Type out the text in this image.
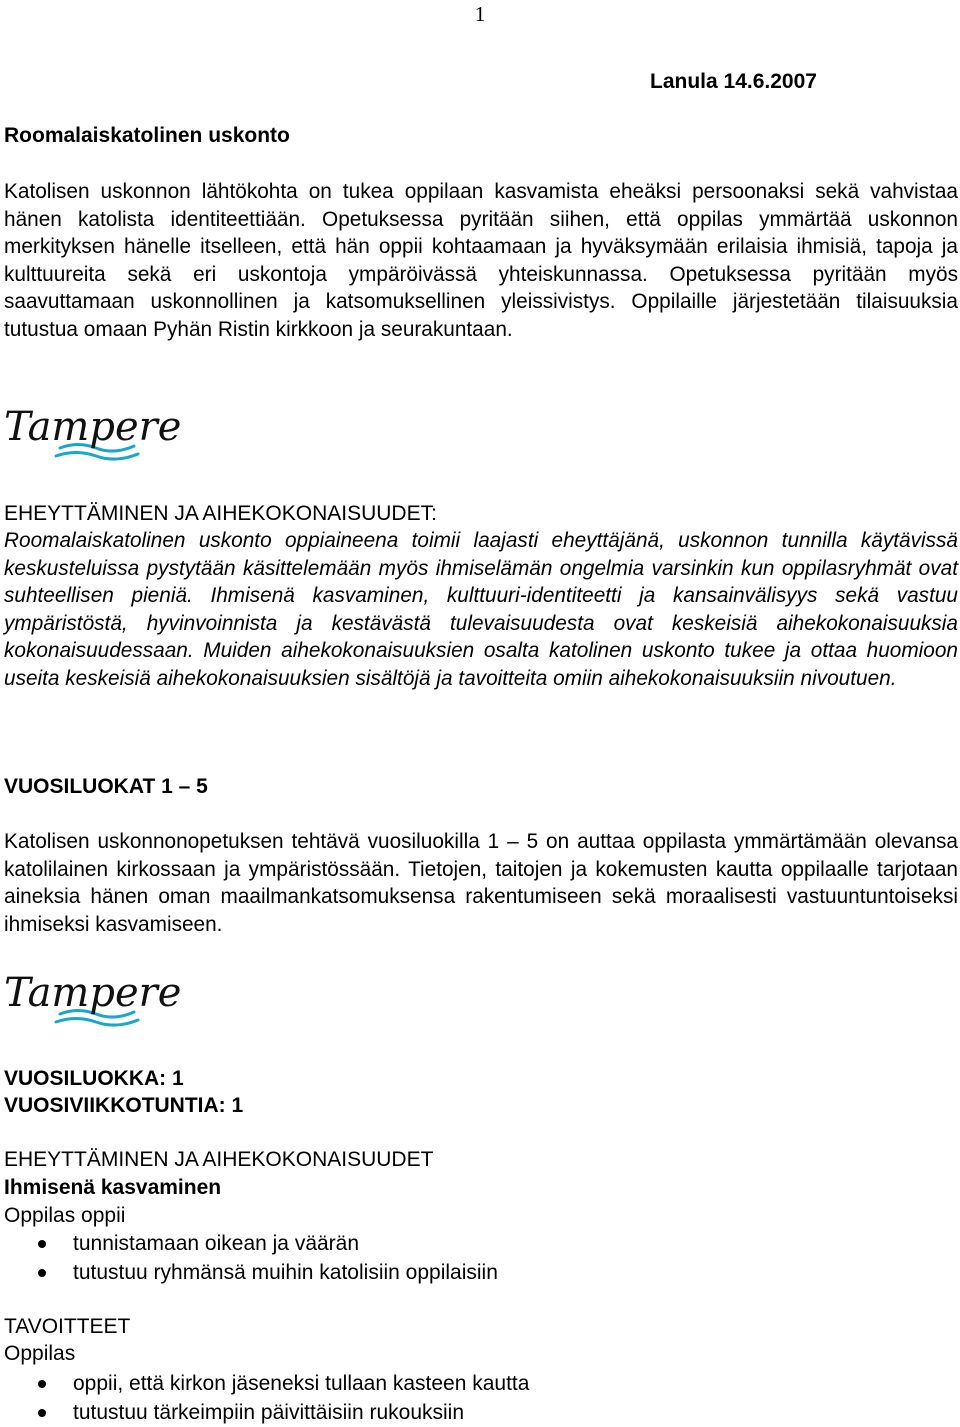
1
Lanula 14.6.2007
Roomalaiskatolinen uskonto
Katolisen uskonnon lähtökohta on tukea oppilaan kasvamista eheäksi persoonaksi sekä vahvistaa hänen katolista identiteettiään. Opetuksessa pyritään siihen, että oppilas ymmärtää uskonnon merkityksen hänelle itselleen, että hän oppii kohtaamaan ja hyväksymään erilaisia ihmisiä, tapoja ja kulttuureita sekä eri uskontoja ympäröivässä yhteiskunnassa. Opetuksessa pyritään myös saavuttamaan uskonnollinen ja katsomuksellinen yleissivistys. Oppilaille järjestetään tilaisuuksia tutustua omaan Pyhän Ristin kirkkoon ja seurakuntaan.
Tampere
EHEYTTÄMINEN JA AIHEKOKONAISUUDET:
Roomalaiskatolinen uskonto oppiaineena toimii laajasti eheyttäjänä, uskonnon tunnilla käytävissä keskusteluissa pystytään käsittelemään myös ihmiselämän ongelmia varsinkin kun oppilasryhmät ovat suhteellisen pieniä. Ihmisenä kasvaminen, kulttuuri-identiteetti ja kansainvälisyys sekä vastuu ympäristöstä, hyvinvoinnista ja kestävästä tulevaisuudesta ovat keskeisiä aihekokonaisuuksia kokonaisuudessaan. Muiden aihekokonaisuuksien osalta katolinen uskonto tukee ja ottaa huomioon useita keskeisiä aihekokonaisuuksien sisältöjä ja tavoitteita omiin aihekokonaisuuksiin nivoutuen.
VUOSILUOKAT 1 – 5
Katolisen uskonnonopetuksen tehtävä vuosiluokilla 1 – 5 on auttaa oppilasta ymmärtämään olevansa katolilainen kirkossaan ja ympäristössään. Tietojen, taitojen ja kokemusten kautta oppilaalle tarjotaan aineksia hänen oman maailmankatsomuksensa rakentumiseen sekä moraalisesti vastuuntuntoiseksi ihmiseksi kasvamiseen.
Tampere
VUOSILUOKKA: 1
VUOSIVIIKKOTUNTIA: 1
EHEYTTÄMINEN JA AIHEKOKONAISUUDET
Ihmisenä kasvaminen
Oppilas oppii
tunnistamaan oikean ja väärän
tutustuu ryhmänsä muihin katolisiin oppilaisiin
TAVOITTEET
Oppilas
oppii, että kirkon jäseneksi tullaan kasteen kautta
tutustuu tärkeimpiin päivittäisiin rukouksiin
